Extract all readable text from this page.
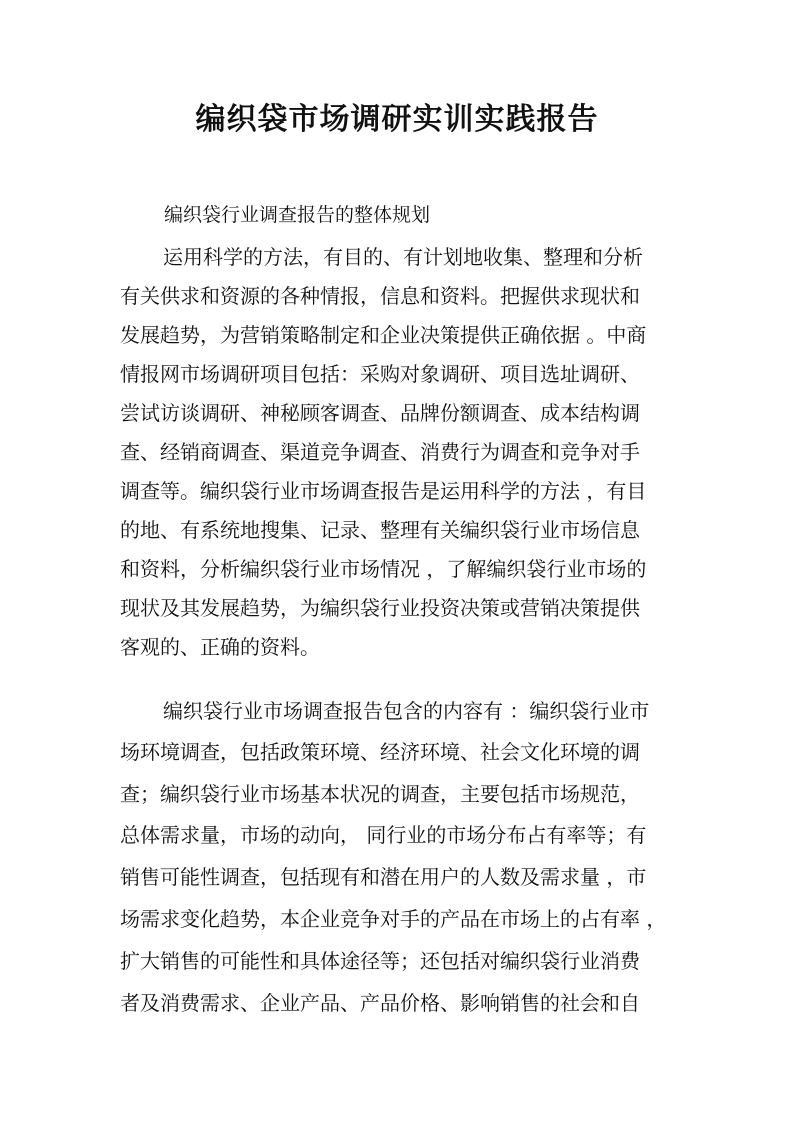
编织袋市场调研实训实践报告

编织袋行业调查报告的整体规划

运用科学的方法，有目的、有计划地收集、整理和分析

有关供求和资源的各种情报，信息和资料。把握供求现状和

发展趋势，为营销策略制定和企业决策提供正确依据 。中商

情报网市场调研项目包括：采购对象调研、项目选址调研、

尝试访谈调研、神秘顾客调查、品牌份额调查、成本结构调

查、经销商调查、渠道竞争调查、消费行为调查和竞争对手

调查等。编织袋行业市场调查报告是运用科学的方法 ，有目

的地、有系统地搜集、记录、整理有关编织袋行业市场信息

和资料，分析编织袋行业市场情况 ，了解编织袋行业市场的

现状及其发展趋势，为编织袋行业投资决策或营销决策提供

客观的、正确的资料。

编织袋行业市场调查报告包含的内容有 ：编织袋行业市

场环境调查，包括政策环境、经济环境、社会文化环境的调

查；编织袋行业市场基本状况的调查，主要包括市场规范，

总体需求量，市场的动向， 同行业的市场分布占有率等；有

销售可能性调查，包括现有和潜在用户的人数及需求量 ，市

场需求变化趋势，本企业竞争对手的产品在市场上的占有率 ，

扩大销售的可能性和具体途径等；还包括对编织袋行业消费

者及消费需求、企业产品、产品价格、影响销售的社会和自
